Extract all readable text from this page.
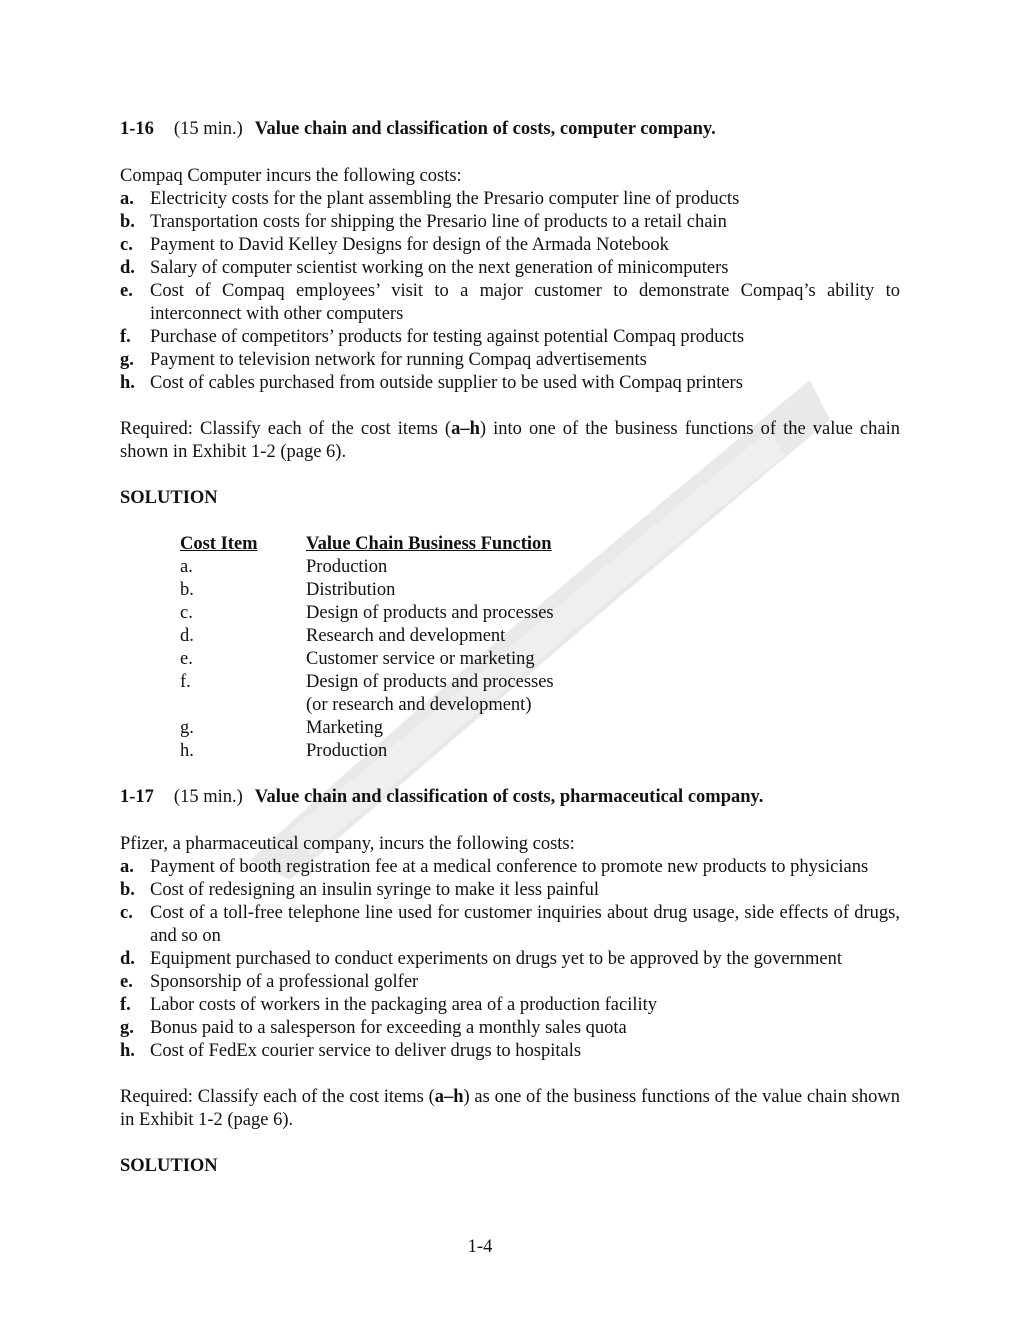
1-16 (15 min.) Value chain and classification of costs, computer company.
Compaq Computer incurs the following costs:
a. Electricity costs for the plant assembling the Presario computer line of products
b. Transportation costs for shipping the Presario line of products to a retail chain
c. Payment to David Kelley Designs for design of the Armada Notebook
d. Salary of computer scientist working on the next generation of minicomputers
e. Cost of Compaq employees’ visit to a major customer to demonstrate Compaq’s ability to interconnect with other computers
f.	Purchase of competitors’ products for testing against potential Compaq products
g. Payment to television network for running Compaq advertisements
h. Cost of cables purchased from outside supplier to be used with Compaq printers
Required: Classify each of the cost items (a–h) into one of the business functions of the value chain shown in Exhibit 1-2 (page 6).
SOLUTION
Cost Item	Value Chain Business Function
a.	Production
b.	Distribution
c.	Design of products and processes
d.	Research and development
e.	Customer service or marketing
f.	Design of products and processes
(or research and development)
g.	Marketing
h.	Production
1-17 (15 min.) Value chain and classification of costs, pharmaceutical company.
Pfizer, a pharmaceutical company, incurs the following costs:
a. Payment of booth registration fee at a medical conference to promote new products to physicians
b. Cost of redesigning an insulin syringe to make it less painful
c. Cost of a toll-free telephone line used for customer inquiries about drug usage, side effects of drugs, and so on
d. Equipment purchased to conduct experiments on drugs yet to be approved by the government
e. Sponsorship of a professional golfer
f.	Labor costs of workers in the packaging area of a production facility
g. Bonus paid to a salesperson for exceeding a monthly sales quota
h. Cost of FedEx courier service to deliver drugs to hospitals
Required: Classify each of the cost items (a–h) as one of the business functions of the value chain shown in Exhibit 1-2 (page 6).
SOLUTION
1-4
